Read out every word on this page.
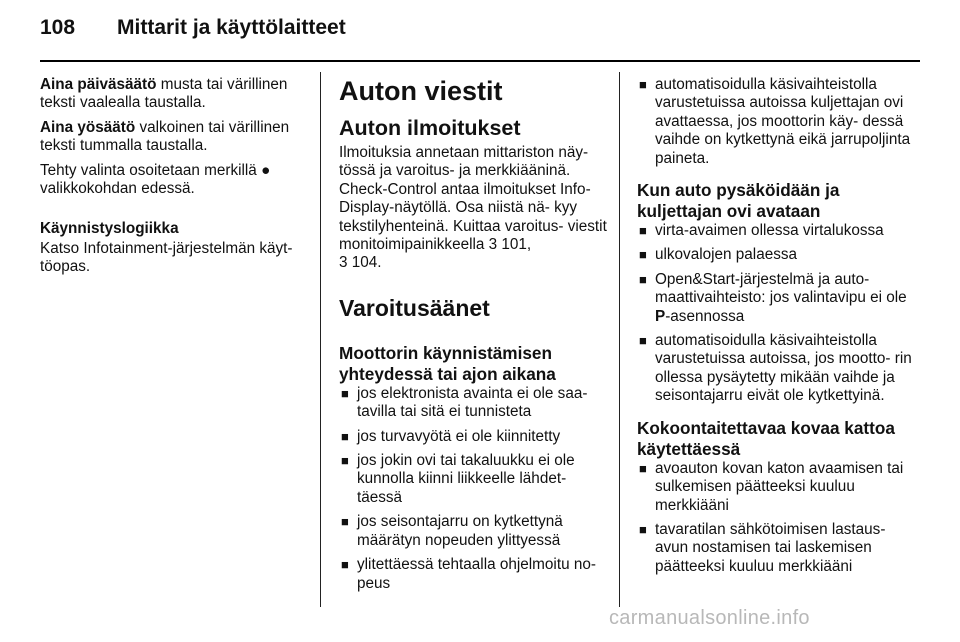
108 Mittarit ja käyttölaitteet

Aina päiväsäätö musta tai värillinen teksti vaalealla taustalla.

Aina yösäätö valkoinen tai värillinen teksti tummalla taustalla.

Tehty valinta osoitetaan merkillä ● valikkokohdan edessä.

Käynnistyslogiikka

Katso Infotainment-järjestelmän käyt- töopas.

Auton viestit
Auton ilmoitukset

Ilmoituksia annetaan mittariston näy- tössä ja varoitus- ja merkkiääninä. Check-Control antaa ilmoitukset Info-Display-näytöllä. Osa niistä nä- kyy tekstilyhenteinä. Kuittaa varoitus- viestit monitoimipainikkeella 3 101,
3 104.

Varoitusäänet
Moottorin käynnistämisen yhteydessä tai ajon aikana
■
jos elektronista avainta ei ole saa- tavilla tai sitä ei tunnisteta
■
jos turvavyötä ei ole kiinnitetty
■
jos jokin ovi tai takaluukku ei ole kunnolla kiinni liikkeelle lähdet- täessä
■
jos seisontajarru on kytkettynä määrätyn nopeuden ylittyessä
■
ylitettäessä tehtaalla ohjelmoitu no- peus
■
automatisoidulla käsivaihteistolla varustetuissa autoissa kuljettajan ovi avattaessa, jos moottorin käy- dessä vaihde on kytkettynä eikä jarrupoljinta paineta.
Kun auto pysäköidään ja kuljettajan ovi avataan
■
virta-avaimen ollessa virtalukossa
■
ulkovalojen palaessa
■
Open&Start-järjestelmä ja auto- maattivaihteisto: jos valintavipu ei ole P-asennossa
■
automatisoidulla käsivaihteistolla varustetuissa autoissa, jos mootto- rin ollessa pysäytetty mikään vaihde ja seisontajarru eivät ole kytkettyinä.
Kokoontaitettavaa kovaa kattoa käytettäessä
■
avoauton kovan katon avaamisen tai sulkemisen päätteeksi kuuluu merkkiääni
■
tavaratilan sähkötoimisen lastaus- avun nostamisen tai laskemisen päätteeksi kuuluu merkkiääni
carmanualsonline.info
